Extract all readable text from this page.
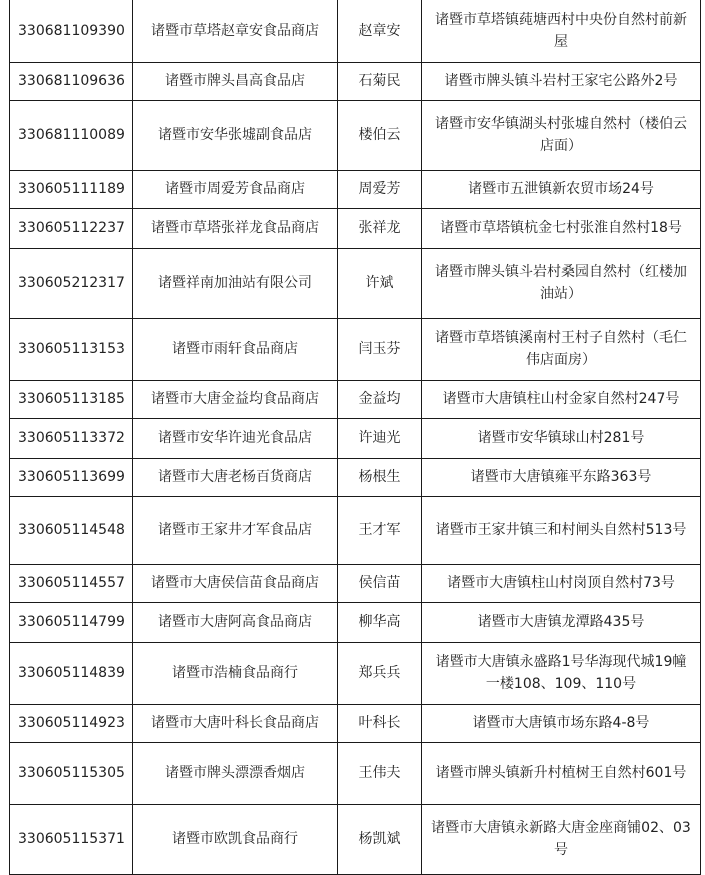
330681109390	诸暨市草塔赵章安食品商店	赵章安	诸暨市草塔镇莼塘西村中央份自然村前新屋
330681109636	诸暨市牌头昌高食品店	石菊民	诸暨市牌头镇斗岩村王家宅公路外2号
330681110089	诸暨市安华张墟副食品店	楼伯云	诸暨市安华镇湖头村张墟自然村（楼伯云店面）
330605111189	诸暨市周爱芳食品商店	周爱芳	诸暨市五泄镇新农贸市场24号
330605112237	诸暨市草塔张祥龙食品商店	张祥龙	诸暨市草塔镇杭金七村张淮自然村18号
330605212317	诸暨祥南加油站有限公司	许斌	诸暨市牌头镇斗岩村桑园自然村（红楼加油站）
330605113153	诸暨市雨轩食品商店	闫玉芬	诸暨市草塔镇溪南村王村子自然村（毛仁伟店面房）
330605113185	诸暨市大唐金益均食品商店	金益均	诸暨市大唐镇柱山村金家自然村247号
330605113372	诸暨市安华许迪光食品店	许迪光	诸暨市安华镇球山村281号
330605113699	诸暨市大唐老杨百货商店	杨根生	诸暨市大唐镇雍平东路363号
330605114548	诸暨市王家井才军食品店	王才军	诸暨市王家井镇三和村闸头自然村513号
330605114557	诸暨市大唐侯信苗食品商店	侯信苗	诸暨市大唐镇柱山村岗顶自然村73号
330605114799	诸暨市大唐阿高食品商店	柳华高	诸暨市大唐镇龙潭路435号
330605114839	诸暨市浩楠食品商行	郑兵兵	诸暨市大唐镇永盛路1号华海现代城19幢一楼108、109、110号
330605114923	诸暨市大唐叶科长食品商店	叶科长	诸暨市大唐镇市场东路4-8号
330605115305	诸暨市牌头漂漂香烟店	王伟夫	诸暨市牌头镇新升村植树王自然村601号
330605115371	诸暨市欧凯食品商行	杨凯斌	诸暨市大唐镇永新路大唐金座商铺02、03号
